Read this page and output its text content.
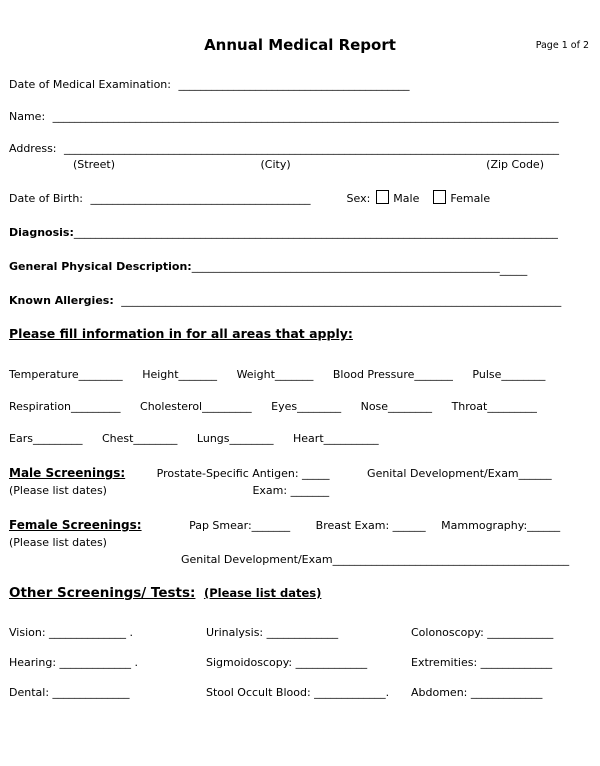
Annual Medical Report	Page 1 of 2
Date of Medical Examination: __________________________________________
Name: ____________________________________________________________________________________________
Address: __________________________________________________________________________________________
(Street)	(City)	(Zip Code)
Date of Birth: ________________________________________	Sex: Male	Female
Diagnosis:________________________________________________________________________________________
General Physical Description:_____________________________________________________________
Known Allergies: ________________________________________________________________________________
Please fill information in for all areas that apply:
Temperature________ Height_______ Weight_______ Blood Pressure_______ Pulse________
Respiration_________ Cholesterol_________ Eyes________ Nose________ Throat_________
Ears_________ Chest________ Lungs________ Heart__________
Male Screenings:	Prostate-Specific Antigen: _____	Genital Development/Exam______
(Please list dates)	Exam: _______
Female Screenings:	Pap Smear:_______ Breast Exam: ______ Mammography:______
(Please list dates)
Genital Development/Exam___________________________________________
Other Screenings/ Tests: (Please list dates)
Vision: ______________ .	Urinalysis: _____________	Colonoscopy: ____________
Hearing: _____________ .	Sigmoidoscopy: _____________	Extremities: _____________
Dental: ______________	Stool Occult Blood: _____________.	Abdomen: _____________
